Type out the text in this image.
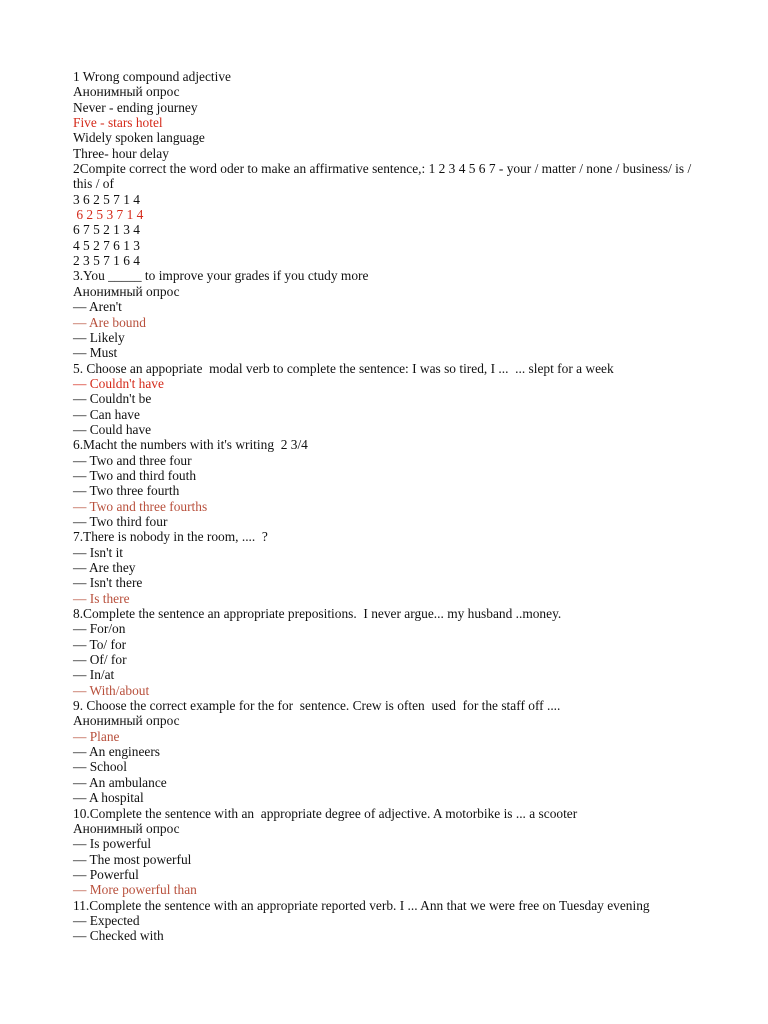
1 Wrong compound adjective
Анонимный опрос
Never - ending journey
Five - stars hotel
Widely spoken language
Three- hour delay
2Compite correct the word oder to make an affirmative sentence,: 1 2 3 4 5 6 7 - your / matter / none / business/ is / this / of
3 6 2 5 7 1 4
6 2 5 3 7 1 4
6 7 5 2 1 3 4
4 5 2 7 6 1 3
2 3 5 7 1 6 4
3.You _____ to improve your grades if you ctudy more
Анонимный опрос
— Aren't
— Are bound
— Likely
— Must
5. Choose an appopriate  modal verb to complete the sentence: I was so tired, I ...  ... slept for a week
— Couldn't have
— Couldn't be
— Can have
— Could have
6.Macht the numbers with it's writing  2 3/4
— Two and three four
— Two and third fouth
— Two three fourth
— Two and three fourths
— Two third four
7.There is nobody in the room, ....  ?
— Isn't it
— Are they
— Isn't there
— Is there
8.Complete the sentence an appropriate prepositions.  I never argue... my husband ..money.
— For/on
— To/ for
— Of/ for
— In/at
— With/about
9. Choose the correct example for the for  sentence. Crew is often  used  for the staff off ....
Анонимный опрос
— Plane
— An engineers
— School
— An ambulance
— A hospital
10.Complete the sentence with an  appropriate degree of adjective. A motorbike is ... a scooter
Анонимный опрос
— Is powerful
— The most powerful
— Powerful
— More powerful than
11.Complete the sentence with an appropriate reported verb. I ... Ann that we were free on Tuesday evening
— Expected
— Checked with
